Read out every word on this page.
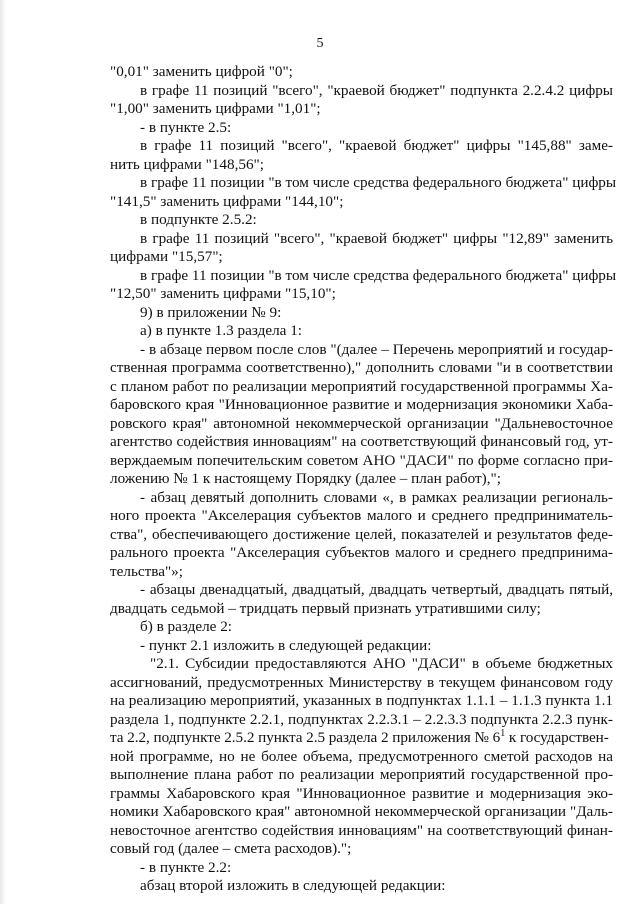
5
"0,01" заменить цифрой "0";
в графе 11 позиций "всего", "краевой бюджет" подпункта 2.2.4.2 цифры
"1,00" заменить цифрами "1,01";
- в пункте 2.5:
в графе 11 позиций "всего", "краевой бюджет" цифры "145,88" заме-
нить цифрами "148,56";
в графе 11 позиции "в том числе средства федерального бюджета" цифры
"141,5" заменить цифрами "144,10";
в подпункте 2.5.2:
в графе 11 позиций "всего", "краевой бюджет" цифры "12,89" заменить
цифрами "15,57";
в графе 11 позиции "в том числе средства федерального бюджета" цифры
"12,50" заменить цифрами "15,10";
9) в приложении № 9:
а) в пункте 1.3 раздела 1:
- в абзаце первом после слов "(далее – Перечень мероприятий и государ-
ственная программа соответственно)," дополнить словами "и в соответствии
с планом работ по реализации мероприятий государственной программы Ха-
баровского края "Инновационное развитие и модернизация экономики Хаба-
ровского края" автономной некоммерческой организации "Дальневосточное
агентство содействия инновациям" на соответствующий финансовый год, ут-
верждаемым попечительским советом АНО "ДАСИ" по форме согласно при-
ложению № 1 к настоящему Порядку (далее – план работ),";
- абзац девятый дополнить словами «, в рамках реализации региональ-
ного проекта "Акселерация субъектов малого и среднего предприниматель-
ства", обеспечивающего достижение целей, показателей и результатов феде-
рального проекта "Акселерация субъектов малого и среднего предпринима-
тельства"»;
- абзацы двенадцатый, двадцатый, двадцать четвертый, двадцать пятый,
двадцать седьмой – тридцать первый признать утратившими силу;
б) в разделе 2:
- пункт 2.1 изложить в следующей редакции:
"2.1. Субсидии предоставляются АНО "ДАСИ" в объеме бюджетных
ассигнований, предусмотренных Министерству в текущем финансовом году
на реализацию мероприятий, указанных в подпунктах 1.1.1 – 1.1.3 пункта 1.1
раздела 1, подпункте 2.2.1, подпунктах 2.2.3.1 – 2.2.3.3 подпункта 2.2.3 пунк-
та 2.2, подпункте 2.5.2 пункта 2.5 раздела 2 приложения № $6^1$ к государствен-
ной программе, но не более объема, предусмотренного сметой расходов на
выполнение плана работ по реализации мероприятий государственной про-
граммы Хабаровского края "Инновационное развитие и модернизация эко-
номики Хабаровского края" автономной некоммерческой организации "Даль-
невосточное агентство содействия инновациям" на соответствующий финан-
совый год (далее – смета расходов).";
- в пункте 2.2:
абзац второй изложить в следующей редакции:
